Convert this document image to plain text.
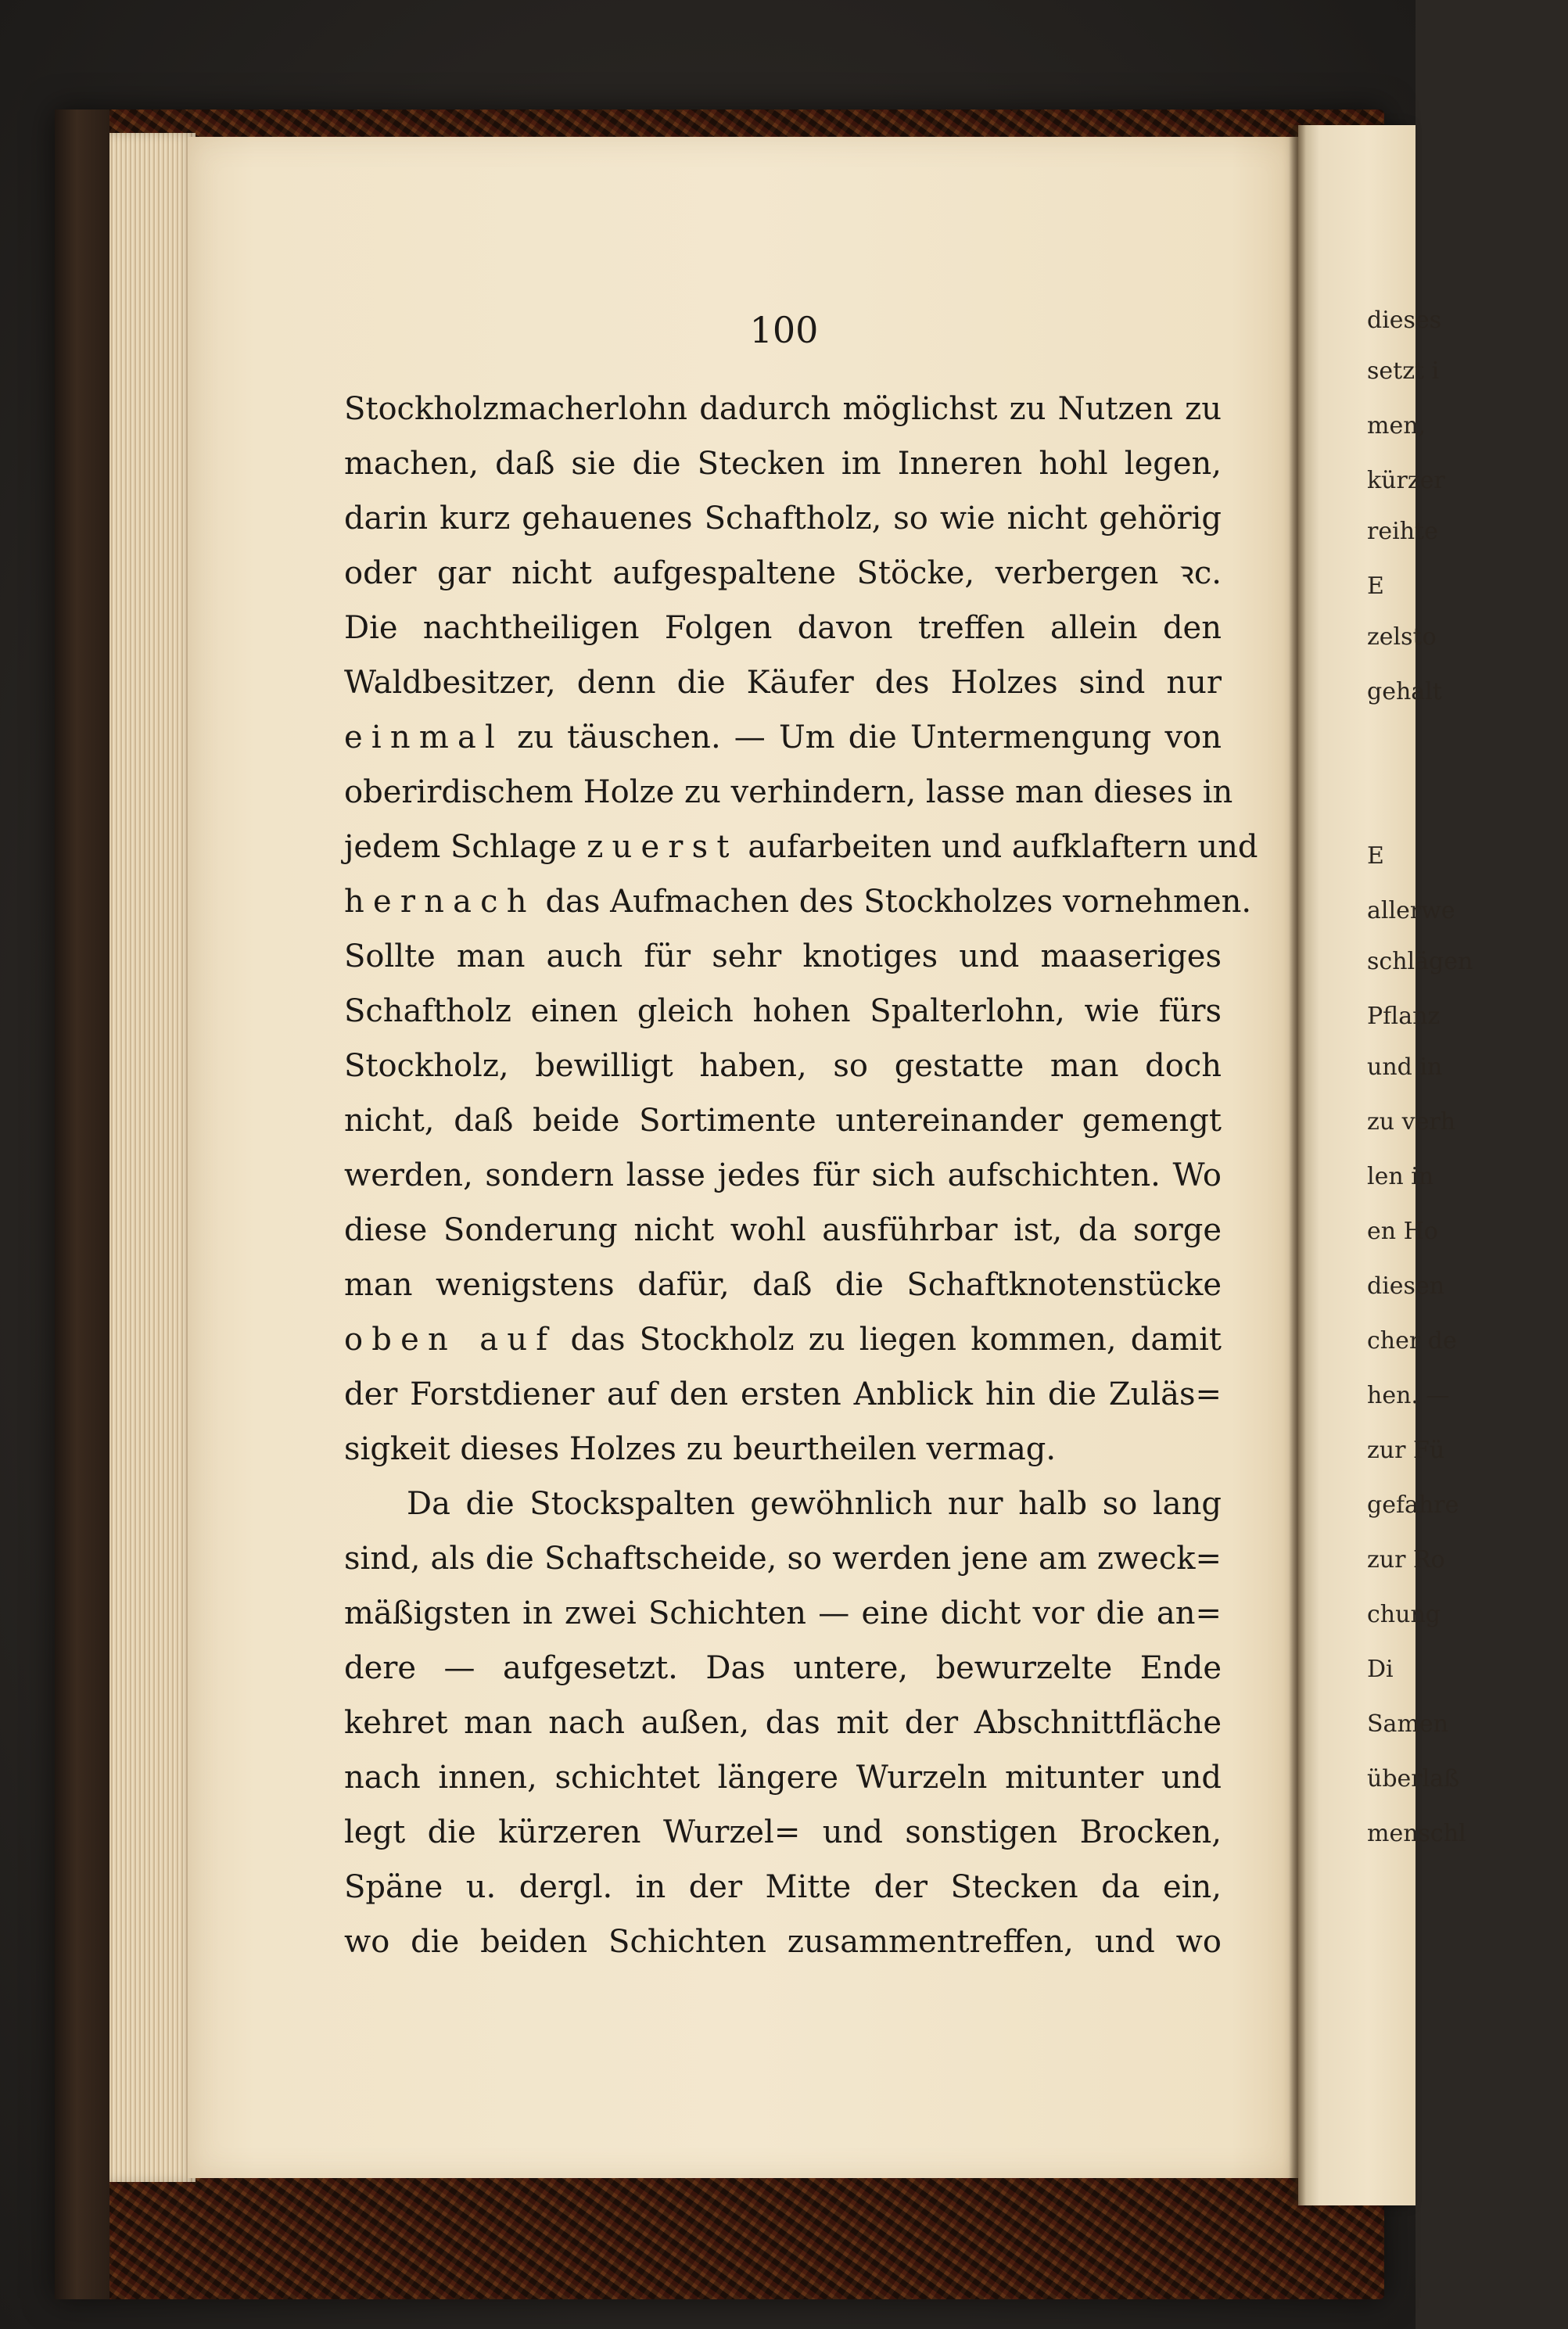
100
Stockholzmacherlohn dadurch möglichst zu Nutzen zu
machen, daß sie die Stecken im Inneren hohl legen,
darin kurz gehauenes Schaftholz, so wie nicht gehörig
oder gar nicht aufgespaltene Stöcke, verbergen ꝛc.
Die nachtheiligen Folgen davon treffen allein den
Waldbesitzer, denn die Käufer des Holzes sind nur
einmal zu täuschen. — Um die Untermengung von
oberirdischem Holze zu verhindern, lasse man dieses in
jedem Schlage zuerst aufarbeiten und aufklaftern und
hernach das Aufmachen des Stockholzes vornehmen.
Sollte man auch für sehr knotiges und maaseriges
Schaftholz einen gleich hohen Spalterlohn, wie fürs
Stockholz, bewilligt haben, so gestatte man doch
nicht, daß beide Sortimente untereinander gemengt
werden, sondern lasse jedes für sich aufschichten. Wo
diese Sonderung nicht wohl ausführbar ist, da sorge
man wenigstens dafür, daß die Schaftknotenstücke
oben auf das Stockholz zu liegen kommen, damit
der Forstdiener auf den ersten Anblick hin die Zuläs=
sigkeit dieses Holzes zu beurtheilen vermag.
Da die Stockspalten gewöhnlich nur halb so lang
sind, als die Schaftscheide, so werden jene am zweck=
mäßigsten in zwei Schichten — eine dicht vor die an=
dere — aufgesetzt. Das untere, bewurzelte Ende
kehret man nach außen, das mit der Abschnittfläche
nach innen, schichtet längere Wurzeln mitunter und
legt die kürzeren Wurzel= und sonstigen Brocken,
Späne u. dergl. in der Mitte der Stecken da ein,
wo die beiden Schichten zusammentreffen, und wo
dieses
setzt i
men,
kürzer
reihte
E
zelsto
gehalt
E
allerwe
schlägen
Pflanz
und in
zu verh
len in
en Ho
diesen
cher de
hen. —
zur Fü
gefahre
zur Ro
chung
Di
Samen
überlaß
menschl
